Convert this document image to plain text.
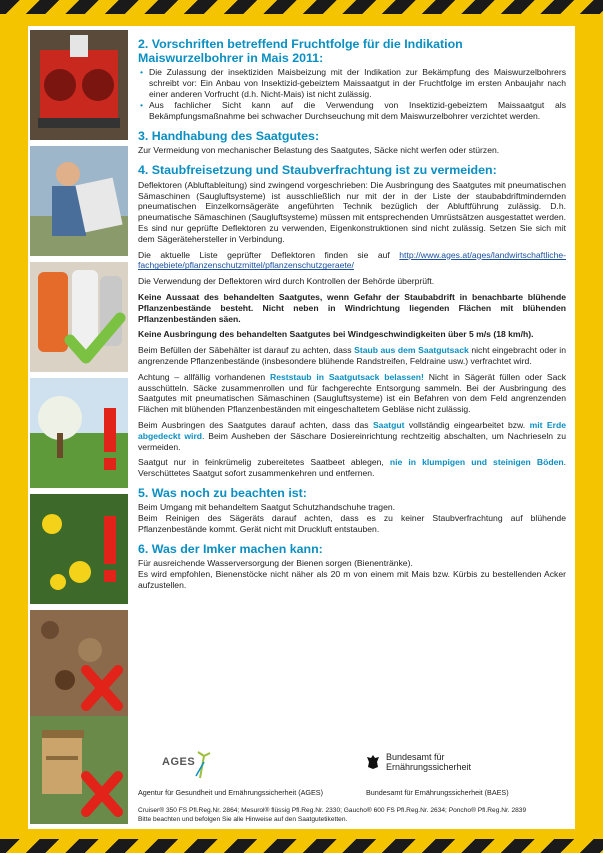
2. Vorschriften betreffend Fruchtfolge für die Indikation Maiswurzelbohrer in Mais 2011:
• Die Zulassung der insektiziden Maisbeizung mit der Indikation zur Bekämpfung des Maiswurzelbohrers schreibt vor: Ein Anbau von Insektizid-gebeiztem Maissaatgut in der Fruchtfolge im ersten Anbaujahr nach einer anderen Vorfrucht (d.h. Nicht-Mais) ist nicht zulässig.
• Aus fachlicher Sicht kann auf die Verwendung von Insektizid-gebeiztem Maissaatgut als Bekämpfungsmaßnahme bei schwacher Durchseuchung mit dem Maiswurzelbohrer verzichtet werden.
3. Handhabung des Saatgutes:

Zur Vermeidung von mechanischer Belastung des Saatgutes, Säcke nicht werfen oder stürzen.

4. Staubfreisetzung und Staubverfrachtung ist zu vermeiden:

Deflektoren (Abluftableitung) sind zwingend vorgeschrieben: Die Ausbringung des Saatgutes mit pneumatischen Sämaschinen (Saugluftsysteme) ist ausschließlich nur mit der in der Liste der staubabdriftmindernden pneumatischen Einzelkornsägeräte angeführten Technik bezüglich der Abluftführung zulässig. D.h. pneumatische Sämaschinen (Saugluftsysteme) müssen mit entsprechenden Umrüstsätzen ausgestattet werden. Es sind nur geprüfte Deflektoren zu verwenden, Eigenkonstruktionen sind nicht zulässig. Setzen Sie sich mit dem Sägerätehersteller in Verbindung.

Die aktuelle Liste geprüfter Deflektoren finden sie auf http://www.ages.at/ages/landwirtschaftliche-fachgebiete/pflanzenschutzmittel/pflanzenschutzgeraete/

Die Verwendung der Deflektoren wird durch Kontrollen der Behörde überprüft.

Keine Aussaat des behandelten Saatgutes, wenn Gefahr der Staubabdrift in benachbarte blühende Pflanzenbestände besteht. Nicht neben in Windrichtung liegenden Flächen mit blühenden Pflanzenbeständen säen.

Keine Ausbringung des behandelten Saatgutes bei Windgeschwindigkeiten über 5 m/s (18 km/h).

Beim Befüllen der Säbehälter ist darauf zu achten, dass Staub aus dem Saatgutsack nicht eingebracht oder in angrenzende Pflanzenbestände (insbesondere blühende Randstreifen, Feldraine usw.) verfrachtet wird.

Achtung – allfällig vorhandenen Reststaub in Saatgutsack belassen! Nicht in Sägerät füllen oder Sack ausschütteln. Säcke zusammenrollen und für fachgerechte Entsorgung sammeln. Bei der Ausbringung des Saatgutes mit pneumatischen Sämaschinen (Saugluftsysteme) ist ein Befahren von dem Feld angrenzenden Flächen mit blühenden Pflanzenbeständen mit eingeschaltetem Gebläse nicht zulässig.

Beim Ausbringen des Saatgutes darauf achten, dass das Saatgut vollständig eingearbeitet bzw. mit Erde abgedeckt wird. Beim Ausheben der Säschare Dosiereinrichtung rechtzeitig abschalten, um Nachrieseln zu vermeiden.

Saatgut nur in feinkrümelig zubereitetes Saatbeet ablegen, nie in klumpigen und steinigen Böden. Verschüttetes Saatgut sofort zusammenkehren und entfernen.

5. Was noch zu beachten ist:

Beim Umgang mit behandeltem Saatgut Schutzhandschuhe tragen.

Beim Reinigen des Sägeräts darauf achten, dass es zu keiner Staubverfrachtung auf blühende Pflanzenbestände kommt. Gerät nicht mit Druckluft entstauben.

6. Was der Imker machen kann:

Für ausreichende Wasserversorgung der Bienen sorgen (Bienentränke).

Es wird empfohlen, Bienenstöcke nicht näher als 20 m von einem mit Mais bzw. Kürbis zu bestellenden Acker aufzustellen.

AGES
Agentur für Gesundheit und Ernährungssicherheit (AGES)
Bundesamt für
Ernährungssicherheit
Bundesamt für Ernährungssicherheit (BAES)
Cruiser® 350 FS Pfl.Reg.Nr. 2864; Mesurol® flüssig Pfl.Reg.Nr. 2330; Gaucho® 600 FS Pfl.Reg.Nr. 2634; Poncho® Pfl.Reg.Nr. 2839
Bitte beachten und befolgen Sie alle Hinweise auf den Saatgutetiketten.
